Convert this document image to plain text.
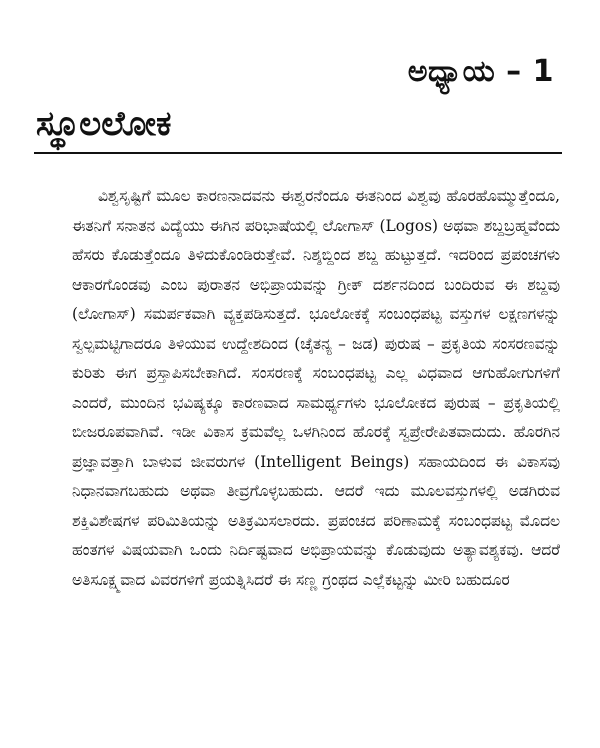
ಅಧ್ಯಾಯ – 1
ಸ್ಥೂಲಲೋಕ

ವಿಶ್ವಸೃಷ್ಟಿಗೆ ಮೂಲ ಕಾರಣನಾದವನು ಈಶ್ವರನೆಂದೂ ಈತನಿಂದ ವಿಶ್ವವು ಹೊರಹೊಮ್ಮುತ್ತೆಂದೂ, ಈತನಿಗೆ ಸನಾತನ ವಿದ್ಯೆಯು ಈಗಿನ ಪರಿಭಾಷೆಯಲ್ಲಿ ಲೋಗಾಸ್ (Logos) ಅಥವಾ ಶಬ್ದಬ್ರಹ್ಮವೆಂದು ಹೆಸರು ಕೊಡುತ್ತೆಂದೂ ತಿಳಿದುಕೊಂಡಿರುತ್ತೇವೆ. ನಿಶ್ಶಬ್ದಿಂದ ಶಬ್ದ ಹುಟ್ಟುತ್ತದೆ. ಇದರಿಂದ ಪ್ರಪಂಚಗಳು ಆಕಾರಗೊಂಡವು ಎಂಬ ಪುರಾತನ ಅಭಿಪ್ರಾಯವನ್ನು ಗ್ರೀಕ್ ದರ್ಶನದಿಂದ ಬಂದಿರುವ ಈ ಶಬ್ದವು (ಲೋಗಾಸ್) ಸಮರ್ಪಕವಾಗಿ ವ್ಯಕ್ತಪಡಿಸುತ್ತದೆ. ಭೂಲೋಕಕ್ಕೆ ಸಂಬಂಧಪಟ್ಟ ವಸ್ತುಗಳ ಲಕ್ಷಣಗಳನ್ನು ಸ್ವಲ್ಪಮಟ್ಟಿಗಾದರೂ ತಿಳಿಯುವ ಉದ್ದೇಶದಿಂದ (ಚೈತನ್ಯ – ಜಡ) ಪುರುಷ – ಪ್ರಕೃತಿಯ ಸಂಸರಣವನ್ನು ಕುರಿತು ಈಗ ಪ್ರಸ್ತಾಪಿಸಬೇಕಾಗಿದೆ. ಸಂಸರಣಕ್ಕೆ ಸಂಬಂಧಪಟ್ಟ ಎಲ್ಲ ವಿಧವಾದ ಆಗುಹೋಗುಗಳಿಗೆ ಎಂದರೆ, ಮುಂದಿನ ಭವಿಷ್ಯಕ್ಕೂ ಕಾರಣವಾದ ಸಾಮರ್ಥ್ಯಗಳು ಭೂಲೋಕದ ಪುರುಷ – ಪ್ರಕೃತಿಯಲ್ಲಿ ಬೀಜರೂಪವಾಗಿವೆ. ಇಡೀ ವಿಕಾಸ ಕ್ರಮವೆಲ್ಲ ಒಳಗಿನಿಂದ ಹೊರಕ್ಕೆ ಸ್ವಪ್ರೇರೇಪಿತವಾದುದು. ಹೊರಗಿನ ಪ್ರಜ್ಞಾವತ್ತಾಗಿ ಬಾಳುವ ಜೀವರುಗಳ (Intelligent Beings) ಸಹಾಯದಿಂದ ಈ ವಿಕಾಸವು ನಿಧಾನವಾಗಬಹುದು ಅಥವಾ ತೀವ್ರಗೊಳ್ಳಬಹುದು. ಆದರೆ ಇದು ಮೂಲವಸ್ತುಗಳಲ್ಲಿ ಅಡಗಿರುವ ಶಕ್ತಿವಿಶೇಷಗಳ ಪರಿಮಿತಿಯನ್ನು ಅತಿಕ್ರಮಿಸಲಾರದು. ಪ್ರಪಂಚದ ಪರಿಣಾಮಕ್ಕೆ ಸಂಬಂಧಪಟ್ಟ ಮೊದಲ ಹಂತಗಳ ವಿಷಯವಾಗಿ ಒಂದು ನಿರ್ದಿಷ್ಟವಾದ ಅಭಿಪ್ರಾಯವನ್ನು ಕೊಡುವುದು ಅತ್ಯಾವಶ್ಯಕವು. ಆದರೆ ಅತಿಸೂಕ್ಷ್ಮವಾದ ವಿವರಗಳಿಗೆ ಪ್ರಯತ್ನಿಸಿದರೆ ಈ ಸಣ್ಣ ಗ್ರಂಥದ ಎಲ್ಲೆಕಟ್ಟನ್ನು ಮೀರಿ ಬಹುದೂರ
